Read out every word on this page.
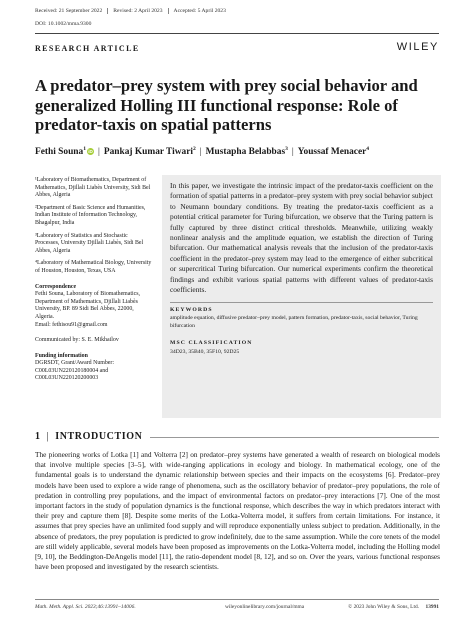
Received: 21 September 2022	Revised: 2 April 2023	Accepted: 5 April 2023
DOI: 10.1002/mma.9300
RESEARCH ARTICLE	WILEY
A predator–prey system with prey social behavior and generalized Holling III functional response: Role of predator-taxis on spatial patterns
Fethi Souna$^1$ iD | Pankaj Kumar Tiwari$^2$ | Mustapha Belabbas$^3$ | Youssaf Menacer$^4$

¹Laboratory of Biomathematics, Department of Mathematics, Djillali Liabès University, Sidi Bel Abbes, Algeria

²Department of Basic Science and Humanities, Indian Institute of Information Technology, Bhagalpur, India

³Laboratory of Statistics and Stochastic Processes, University Djillali Liabès, Sidi Bel Abbes, Algeria

⁴Laboratory of Mathematical Biology, University of Houston, Houston, Texas, USA

Correspondence
Fethi Souna, Laboratory of Biomathematics, Department of Mathematics, Djillali Liabès University, BP. 89 Sidi Bel Abbes, 22000, Algeria.
Email: fethisou91@gmail.com
Communicated by: S. E. Mikhailov
Funding information

DGRSDT, Grant/Award Number: C00L03UN220120180004 and

C00L03UN220120200003

In this paper, we investigate the intrinsic impact of the predator-taxis coefficient on the formation of spatial patterns in a predator–prey system with prey social behavior subject to Neumann boundary conditions. By treating the predator-taxis coefficient as a potential critical parameter for Turing bifurcation, we observe that the Turing pattern is fully captured by three distinct critical thresholds. Meanwhile, utilizing weakly nonlinear analysis and the amplitude equation, we establish the direction of Turing bifurcation. Our mathematical analysis reveals that the inclusion of the predator-taxis coefficient in the predator–prey system may lead to the emergence of either subcritical or supercritical Turing bifurcation. Our numerical experiments confirm the theoretical findings and exhibit various spatial patterns with different values of predator-taxis coefficients.

KEYWORDS

amplitude equation, diffusive predator–prey model, pattern formation, predator-taxis, social behavior, Turing bifurcation

MSC CLASSIFICATION

34D23, 35B40, 35F10, 92D25

1 | INTRODUCTION

The pioneering works of Lotka [1] and Volterra [2] on predator–prey systems have generated a wealth of research on biological models that involve multiple species [3–5], with wide-ranging applications in ecology and biology. In mathematical ecology, one of the fundamental goals is to understand the dynamic relationship between species and their impacts on the ecosystems [6]. Predator–prey models have been used to explore a wide range of phenomena, such as the oscillatory behavior of predator–prey populations, the role of predation in controlling prey populations, and the impact of environmental factors on predator–prey interactions [7]. One of the most important factors in the study of population dynamics is the functional response, which describes the way in which predators interact with their prey and capture them [8]. Despite some merits of the Lotka-Volterra model, it suffers from certain limitations. For instance, it assumes that prey species have an unlimited food supply and will reproduce exponentially unless subject to predation. Additionally, in the absence of predators, the prey population is predicted to grow indefinitely, due to the same assumption. While the core tenets of the model are still widely applicable, several models have been proposed as improvements on the Lotka-Volterra model, including the Holling model [9, 10], the Beddington-DeAngelis model [11], the ratio-dependent model [8, 12], and so on. Over the years, various functional responses have been proposed and investigated by the research scientists.

Math. Meth. Appl. Sci. 2023;46:13991–14006.	wileyonlinelibrary.com/journal/mma	© 2023 John Wiley & Sons, Ltd. 13991
